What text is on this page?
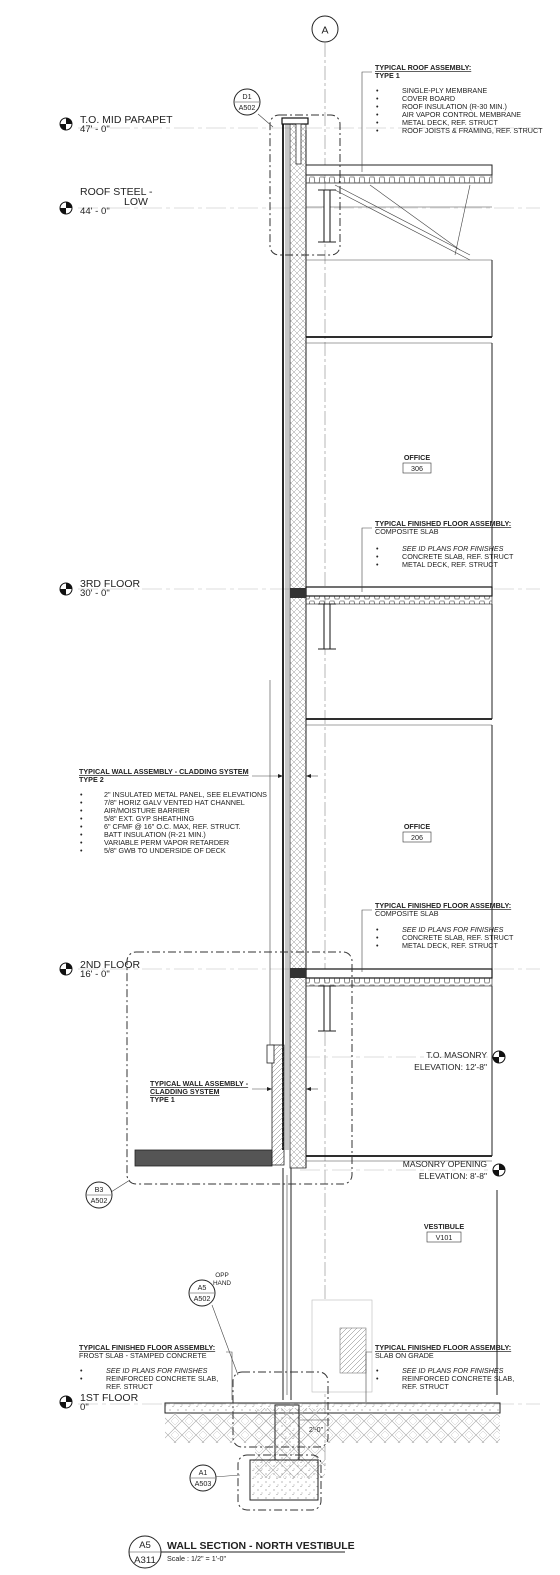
A
T.O. MID PARAPET
47' - 0"
ROOF STEEL -
LOW
44' - 0"
3RD FLOOR
30' - 0"
2ND FLOOR
16' - 0"
1ST FLOOR
0"
T.O. MASONRY
ELEVATION: 12'-8"
MASONRY OPENING
ELEVATION: 8'-8"
2'-0"
D1
A502
B3
A502
A5
A502
OPP
HAND
A1
A503
OFFICE
306
OFFICE
206
VESTIBULE
V101
TYPICAL ROOF ASSEMBLY:
TYPE 1
•	SINGLE-PLY MEMBRANE
•	COVER BOARD
•	ROOF INSULATION (R-30 MIN.)
•	AIR VAPOR CONTROL MEMBRANE
•	METAL DECK, REF. STRUCT
•	ROOF JOISTS & FRAMING, REF. STRUCT
TYPICAL FINISHED FLOOR ASSEMBLY:
COMPOSITE SLAB
•	SEE ID PLANS FOR FINISHES
•	CONCRETE SLAB, REF. STRUCT
•	METAL DECK, REF. STRUCT
TYPICAL FINISHED FLOOR ASSEMBLY:
COMPOSITE SLAB
•	SEE ID PLANS FOR FINISHES
•	CONCRETE SLAB, REF. STRUCT
•	METAL DECK, REF. STRUCT
TYPICAL WALL ASSEMBLY - CLADDING SYSTEM
TYPE 2
•	2" INSULATED METAL PANEL, SEE ELEVATIONS
•	7/8" HORIZ GALV VENTED HAT CHANNEL
•	AIR/MOISTURE BARRIER
•	5/8" EXT. GYP SHEATHING
•	6" CFMF @ 16" O.C. MAX, REF. STRUCT.
•	BATT INSULATION (R-21 MIN.)
•	VARIABLE PERM VAPOR RETARDER
•	5/8" GWB TO UNDERSIDE OF DECK
TYPICAL WALL ASSEMBLY -
CLADDING SYSTEM
TYPE 1
TYPICAL FINISHED FLOOR ASSEMBLY:
FROST SLAB - STAMPED CONCRETE
•	SEE ID PLANS FOR FINISHES
•	REINFORCED CONCRETE SLAB,
REF. STRUCT
TYPICAL FINISHED FLOOR ASSEMBLY:
SLAB ON GRADE
•	SEE ID PLANS FOR FINISHES
•	REINFORCED CONCRETE SLAB,
REF. STRUCT
A5
A311
WALL SECTION - NORTH VESTIBULE
Scale : 1/2" = 1'-0"
